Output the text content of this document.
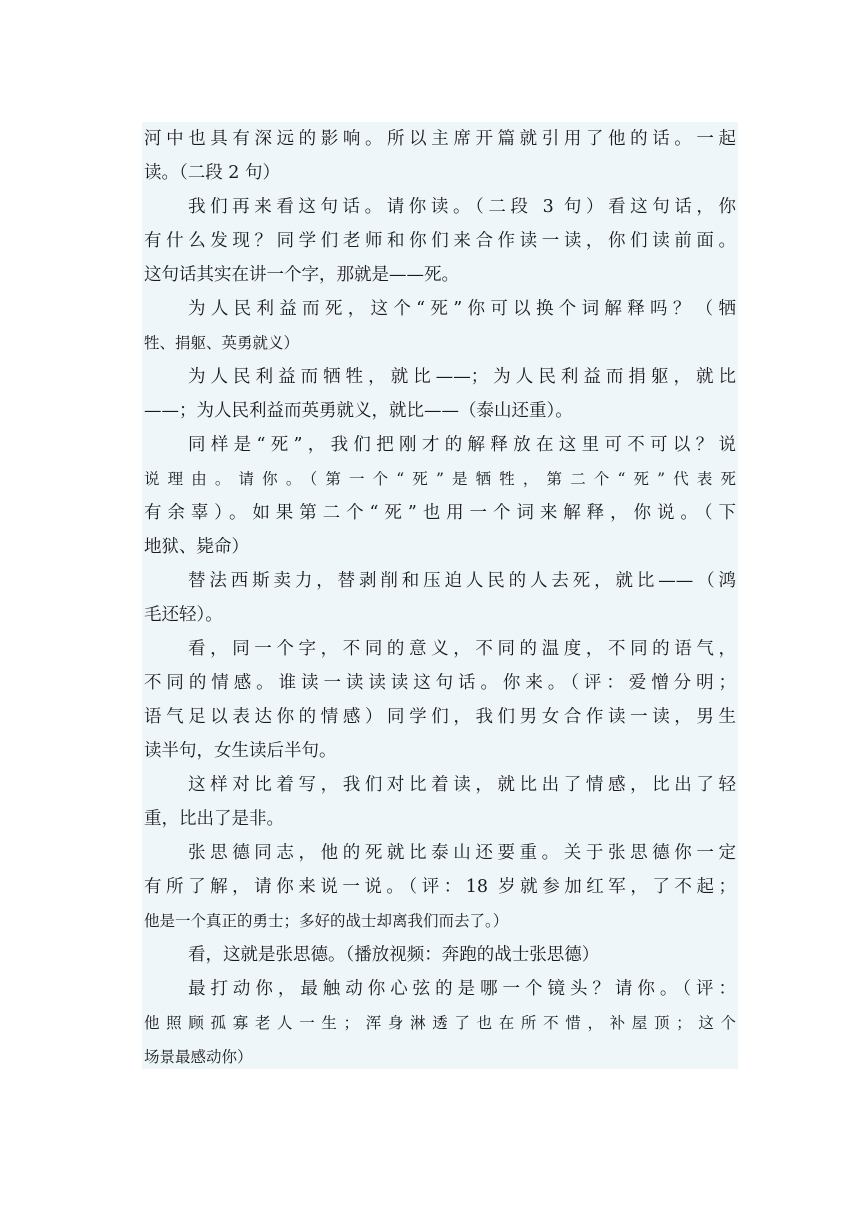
河中也具有深远的影响。所以主席开篇就引用了他的话。一起
读。（二段 2 句）
我们再来看这句话。请你读。（二段 3 句）看这句话，你
有什么发现？同学们老师和你们来合作读一读，你们读前面。
这句话其实在讲一个字，那就是——死。
为人民利益而死，这个“死”你可以换个词解释吗？（牺
牲、捐躯、英勇就义）
为人民利益而牺牲，就比——；为人民利益而捐躯，就比
——；为人民利益而英勇就义，就比——（泰山还重）。
同样是“死”，我们把刚才的解释放在这里可不可以？说
说理由。请你。（第一个“死”是牺牲，第二个“死”代表死
有余辜）。如果第二个“死”也用一个词来解释，你说。（下
地狱、毙命）
替法西斯卖力，替剥削和压迫人民的人去死，就比——（鸿
毛还轻）。
看，同一个字，不同的意义，不同的温度，不同的语气，
不同的情感。谁读一读读读这句话。你来。（评：爱憎分明；
语气足以表达你的情感）同学们，我们男女合作读一读，男生
读半句，女生读后半句。
这样对比着写，我们对比着读，就比出了情感，比出了轻
重，比出了是非。
张思德同志，他的死就比泰山还要重。关于张思德你一定
有所了解，请你来说一说。（评：18 岁就参加红军，了不起；
他是一个真正的勇士；多好的战士却离我们而去了。）
看，这就是张思德。（播放视频：奔跑的战士张思德）
最打动你，最触动你心弦的是哪一个镜头？请你。（评：
他照顾孤寡老人一生；浑身淋透了也在所不惜，补屋顶；这个
场景最感动你）
